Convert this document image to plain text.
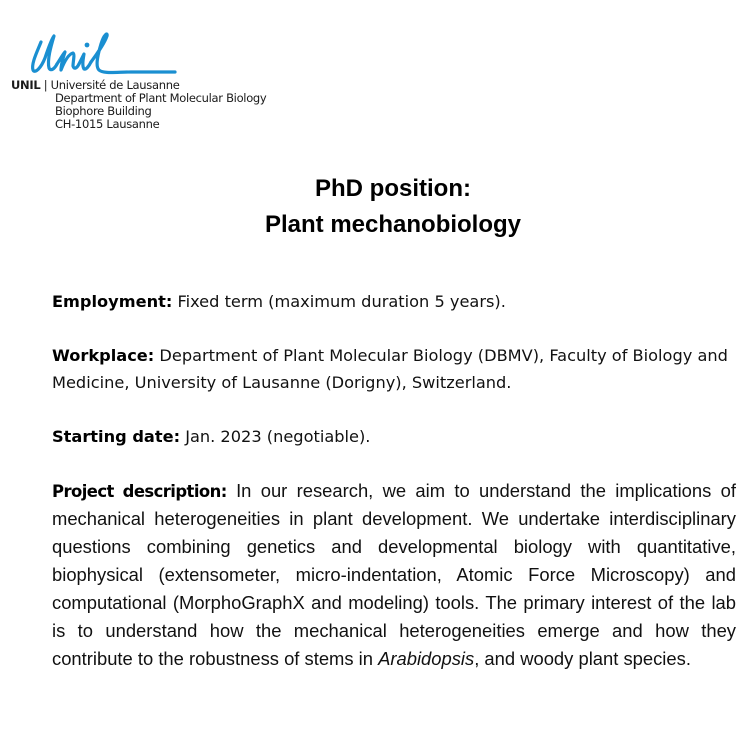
UNIL | Université de Lausanne
Department of Plant Molecular Biology
Biophore Building
CH-1015 Lausanne
PhD position:
Plant mechanobiology

Employment: Fixed term (maximum duration 5 years).

Workplace: Department of Plant Molecular Biology (DBMV), Faculty of Biology and Medicine, University of Lausanne (Dorigny), Switzerland.

Starting date: Jan. 2023 (negotiable).

Project description: In our research, we aim to understand the implications of mechanical heterogeneities in plant development. We undertake interdisciplinary questions combining genetics and developmental biology with quantitative, biophysical (extensometer, micro-indentation, Atomic Force Microscopy) and computational (MorphoGraphX and modeling) tools. The primary interest of the lab is to understand how the mechanical heterogeneities emerge and how they contribute to the robustness of stems in Arabidopsis, and woody plant species.
